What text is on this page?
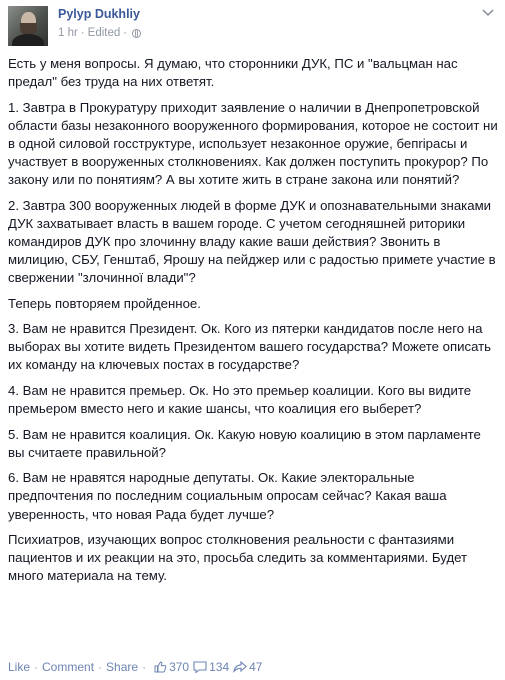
Pylyp Dukhliy
1 hr · Edited ·

Есть у меня вопросы. Я думаю, что сторонники ДУК, ПС и "вальцман нас предал" без труда на них ответят.

1. Завтра в Прокуратуру приходит заявление о наличии в Днепропетровской области базы незаконного вооруженного формирования, которое не состоит ни в одной силовой госструктуре, использует незаконное оружие, бепripасы и участвует в вооруженных столкновениях. Как должен поступить прокурор? По закону или по понятиям? А вы хотите жить в стране закона или понятий?

2. Завтра 300 вооруженных людей в форме ДУК и опознавательными знаками ДУК захватывает власть в вашем городе. С учетом сегодняшней риторики командиров ДУК про злочинну владу какие ваши действия? Звонить в милицию, СБУ, Генштаб, Ярошу на пейджер или с радостью примете участие в свержении "злочинної влади"?

Теперь повторяем пройденное.

3. Вам не нравится Президент. Ок. Кого из пятерки кандидатов после него на выборах вы хотите видеть Президентом вашего государства? Можете описать их команду на ключевых постах в государстве?

4. Вам не нравится премьер. Ок. Но это премьер коалиции. Кого вы видите премьером вместо него и какие шансы, что коалиция его выберет?

5. Вам не нравится коалиция. Ок. Какую новую коалицию в этом парламенте вы считаете правильной?

6. Вам не нравятся народные депутаты. Ок. Какие электоральные предпочтения по последним социальным опросам сейчас? Какая ваша уверенность, что новая Рада будет лучше?

Психиатров, изучающих вопрос столкновения реальности с фантазиями пациентов и их реакции на это, просьба следить за комментариями. Будет много материала на тему.

Like · Comment · Share · 370 134 47
